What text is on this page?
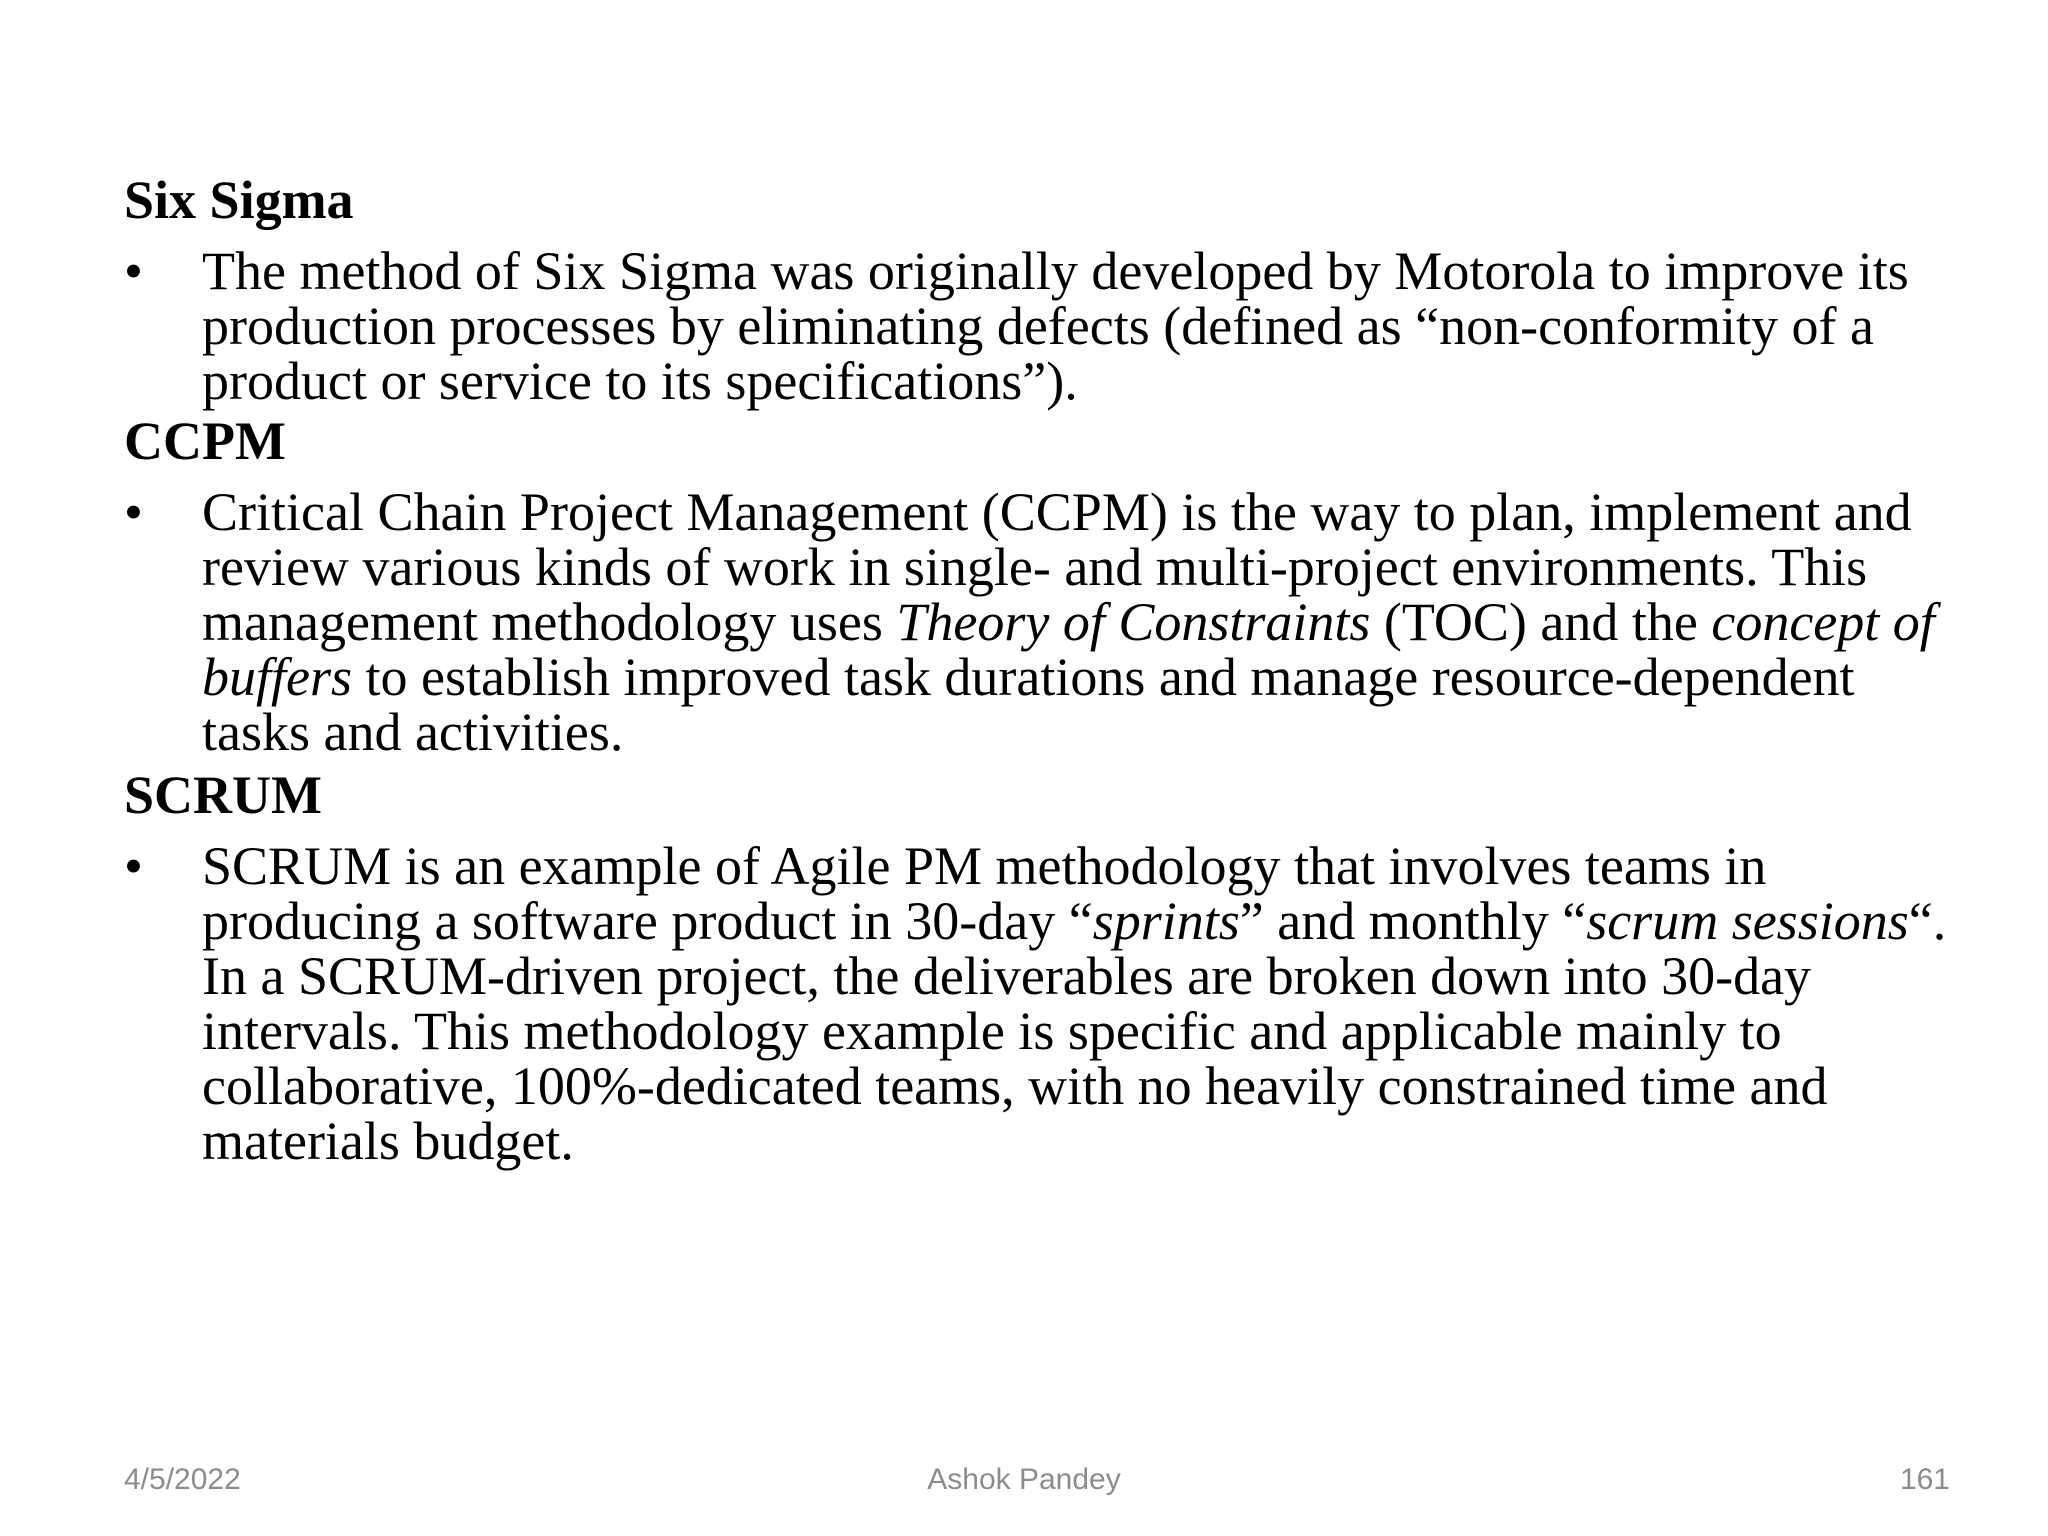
Six Sigma
• The method of Six Sigma was originally developed by Motorola to improve its production processes by eliminating defects (defined as “non-conformity of a product or service to its specifications”).
CCPM
• Critical Chain Project Management (CCPM) is the way to plan, implement and review various kinds of work in single- and multi-project environments. This management methodology uses Theory of Constraints (TOC) and the concept of buffers to establish improved task durations and manage resource-dependent tasks and activities.
SCRUM
• SCRUM is an example of Agile PM methodology that involves teams in producing a software product in 30-day “sprints” and monthly “scrum sessions“. In a SCRUM-driven project, the deliverables are broken down into 30-day intervals. This methodology example is specific and applicable mainly to collaborative, 100%-dedicated teams, with no heavily constrained time and materials budget.
4/5/2022	Ashok Pandey	161
